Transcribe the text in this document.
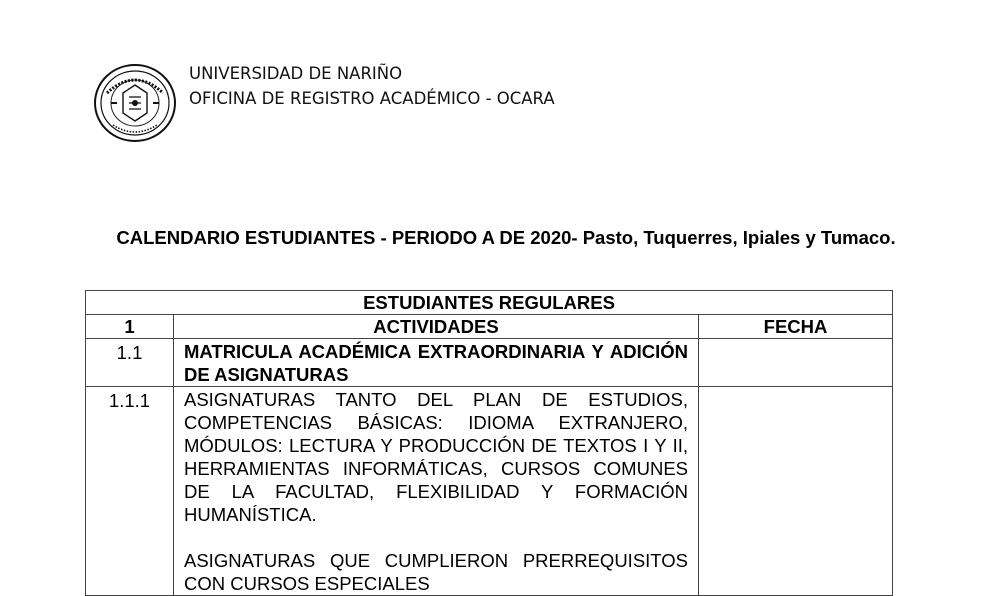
UNIVERSIDAD DE NARIÑO
OFICINA DE REGISTRO ACADÉMICO - OCARA
CALENDARIO ESTUDIANTES - PERIODO A DE 2020- Pasto, Tuquerres, Ipiales y Tumaco.
ESTUDIANTES REGULARES		
1	ACTIVIDADES	FECHA
1.1	MATRICULA ACADÉMICA EXTRAORDINARIA Y ADICIÓN DE ASIGNATURAS	

1.1.1	ASIGNATURAS TANTO DEL PLAN DE ESTUDIOS, COMPETENCIAS BÁSICAS: IDIOMA EXTRANJERO, MÓDULOS: LECTURA Y PRODUCCIÓN DE TEXTOS I Y II, HERRAMIENTAS INFORMÁTICAS, CURSOS COMUNES DE LA FACULTAD, FLEXIBILIDAD Y FORMACIÓN HUMANÍSTICA.
ASIGNATURAS QUE CUMPLIERON PRERREQUISITOS CON CURSOS ESPECIALES	
